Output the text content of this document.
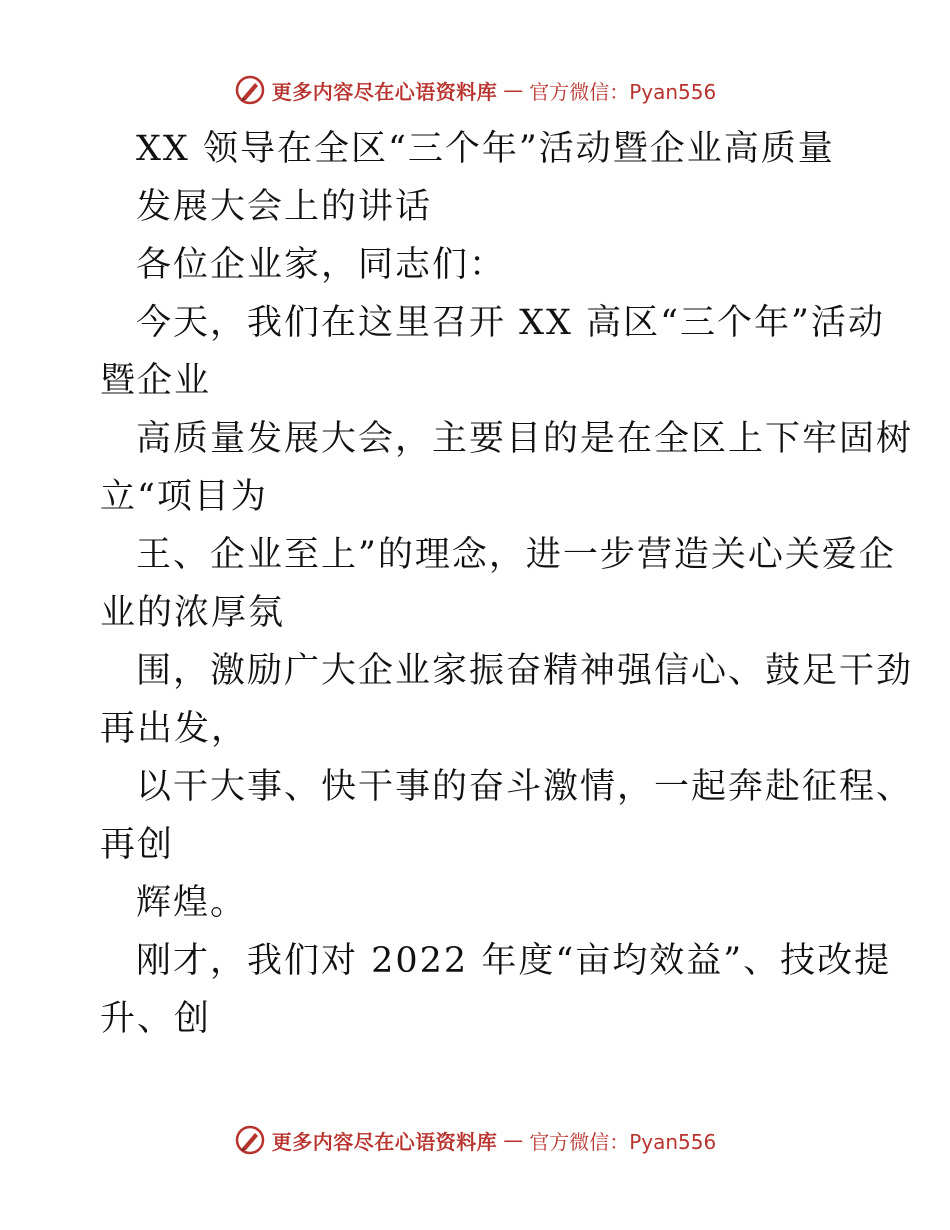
更多内容尽在心语资料库 — 官方微信：Pyan556
XX 领导在全区“三个年”活动暨企业高质量
发展大会上的讲话
各位企业家，同志们：
今天，我们在这里召开 XX 高区“三个年”活动
暨企业
高质量发展大会，主要目的是在全区上下牢固树
立“项目为
王、企业至上”的理念，进一步营造关心关爱企
业的浓厚氛
围，激励广大企业家振奋精神强信心、鼓足干劲
再出发，
以干大事、快干事的奋斗激情，一起奔赴征程、
再创
辉煌。
刚才，我们对 2022 年度“亩均效益”、技改提
升、创
更多内容尽在心语资料库 — 官方微信：Pyan556
